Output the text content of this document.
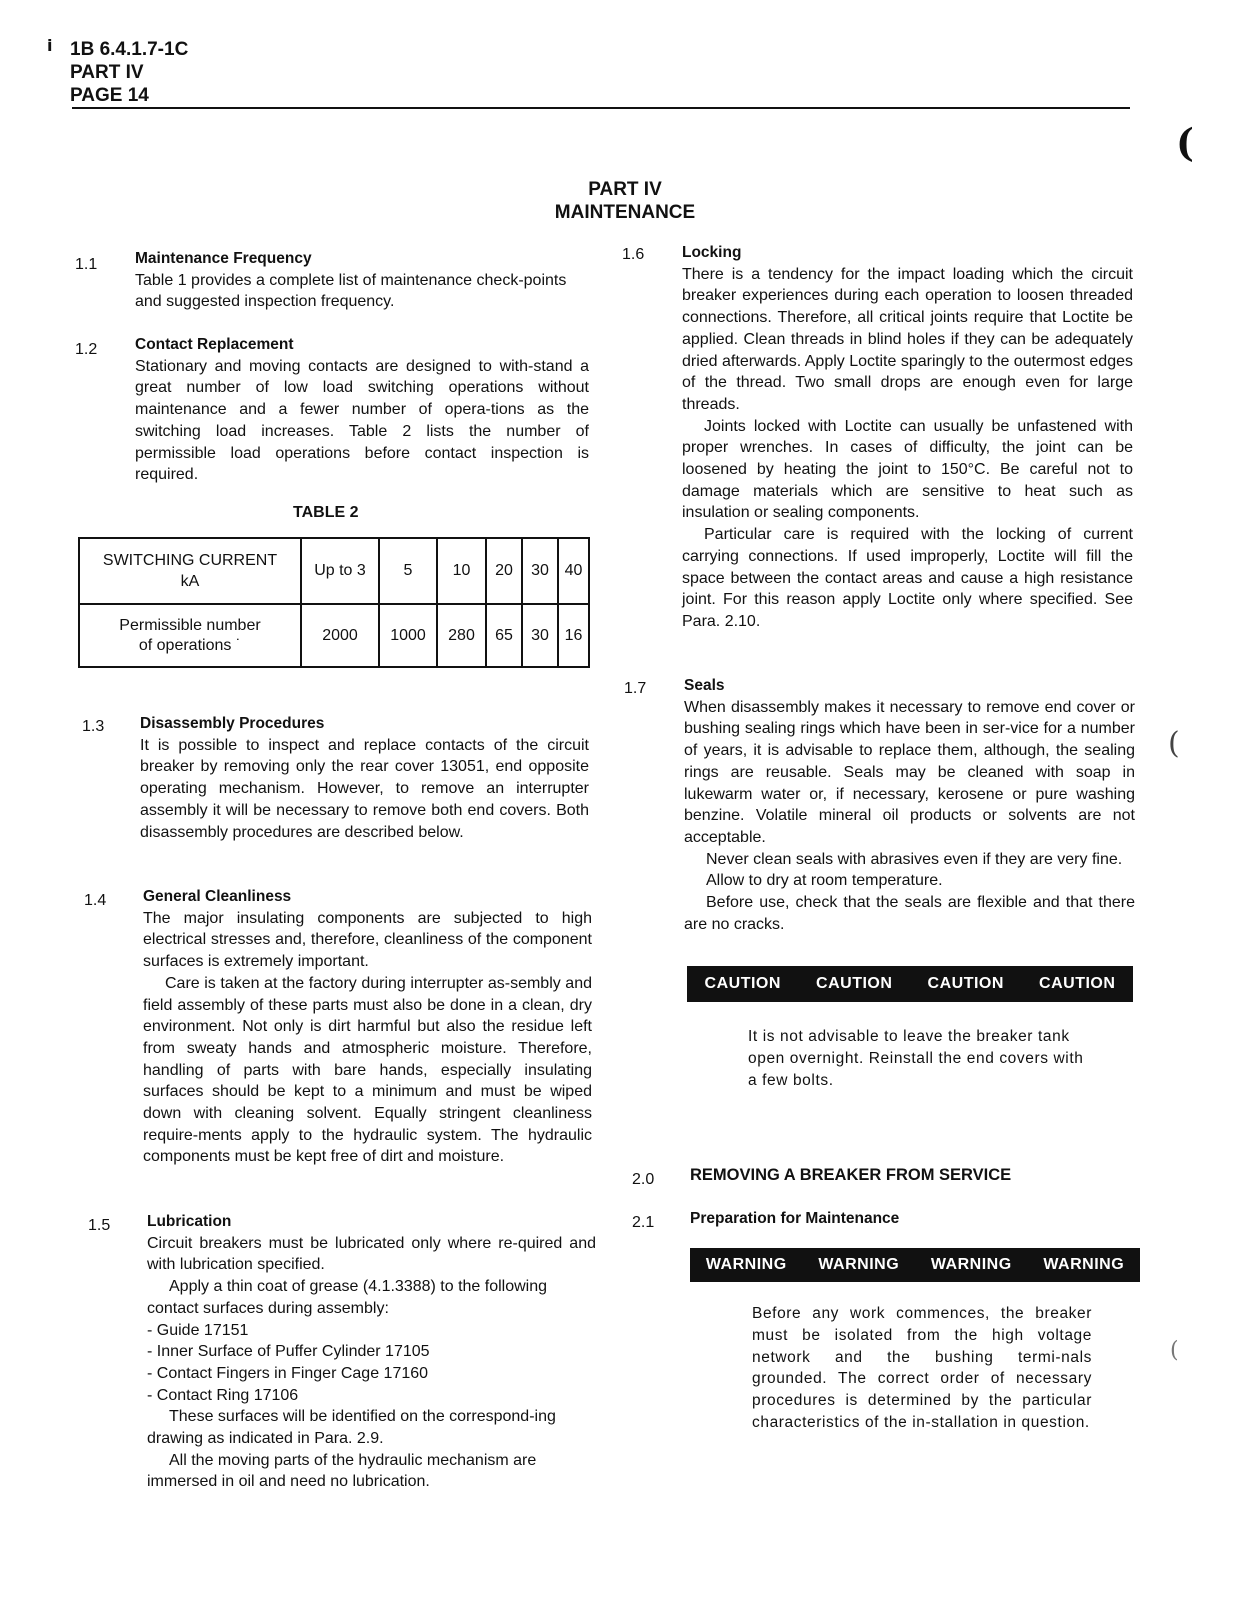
ⅰ 1B 6.4.1.7-1C
PART IV
PAGE 14
(
(
(
PART IV
MAINTENANCE
1.1 Maintenance Frequency

Table 1 provides a complete list of maintenance check-points and suggested inspection frequency.

1.2 Contact Replacement

Stationary and moving contacts are designed to with-stand a great number of low load switching operations without maintenance and a fewer number of opera-tions as the switching load increases. Table 2 lists the number of permissible load operations before contact inspection is required.

TABLE 2
SWITCHING CURRENT
kA	Up to 3	5	10	20	30	40

Permissible number
of operations ˙	2000	1000	280	65	30	16
1.3 Disassembly Procedures

It is possible to inspect and replace contacts of the circuit breaker by removing only the rear cover 13051, end opposite operating mechanism. However, to remove an interrupter assembly it will be necessary to remove both end covers. Both disassembly procedures are described below.

1.4 General Cleanliness

The major insulating components are subjected to high electrical stresses and, therefore, cleanliness of the component surfaces is extremely important.

Care is taken at the factory during interrupter as-sembly and field assembly of these parts must also be done in a clean, dry environment. Not only is dirt harmful but also the residue left from sweaty hands and atmospheric moisture. Therefore, handling of parts with bare hands, especially insulating surfaces should be kept to a minimum and must be wiped down with cleaning solvent. Equally stringent cleanliness require-ments apply to the hydraulic system. The hydraulic components must be kept free of dirt and moisture.

1.5 Lubrication

Circuit breakers must be lubricated only where re-quired and with lubrication specified.

Apply a thin coat of grease (4.1.3388) to the following contact surfaces during assembly:

- Guide 17151
- Inner Surface of Puffer Cylinder 17105
- Contact Fingers in Finger Cage 17160
- Contact Ring 17106

These surfaces will be identified on the correspond-ing drawing as indicated in Para. 2.9.

All the moving parts of the hydraulic mechanism are immersed in oil and need no lubrication.

1.6 Locking

There is a tendency for the impact loading which the circuit breaker experiences during each operation to loosen threaded connections. Therefore, all critical joints require that Loctite be applied. Clean threads in blind holes if they can be adequately dried afterwards. Apply Loctite sparingly to the outermost edges of the thread. Two small drops are enough even for large threads.

Joints locked with Loctite can usually be unfastened with proper wrenches. In cases of difficulty, the joint can be loosened by heating the joint to 150°C. Be careful not to damage materials which are sensitive to heat such as insulation or sealing components.

Particular care is required with the locking of current carrying connections. If used improperly, Loctite will fill the space between the contact areas and cause a high resistance joint. For this reason apply Loctite only where specified. See Para. 2.10.

1.7 Seals

When disassembly makes it necessary to remove end cover or bushing sealing rings which have been in ser-vice for a number of years, it is advisable to replace them, although, the sealing rings are reusable. Seals may be cleaned with soap in lukewarm water or, if necessary, kerosene or pure washing benzine. Volatile mineral oil products or solvents are not acceptable.

Never clean seals with abrasives even if they are very fine.

Allow to dry at room temperature.

Before use, check that the seals are flexible and that there are no cracks.

CAUTION CAUTION CAUTION CAUTION
It is not advisable to leave the breaker tank open overnight. Reinstall the end covers with a few bolts.
2.0 REMOVING A BREAKER FROM SERVICE
2.1 Preparation for Maintenance
WARNING WARNING WARNING WARNING
Before any work commences, the breaker must be isolated from the high voltage network and the bushing termi-nals grounded. The correct order of necessary procedures is determined by the particular characteristics of the in-stallation in question.
